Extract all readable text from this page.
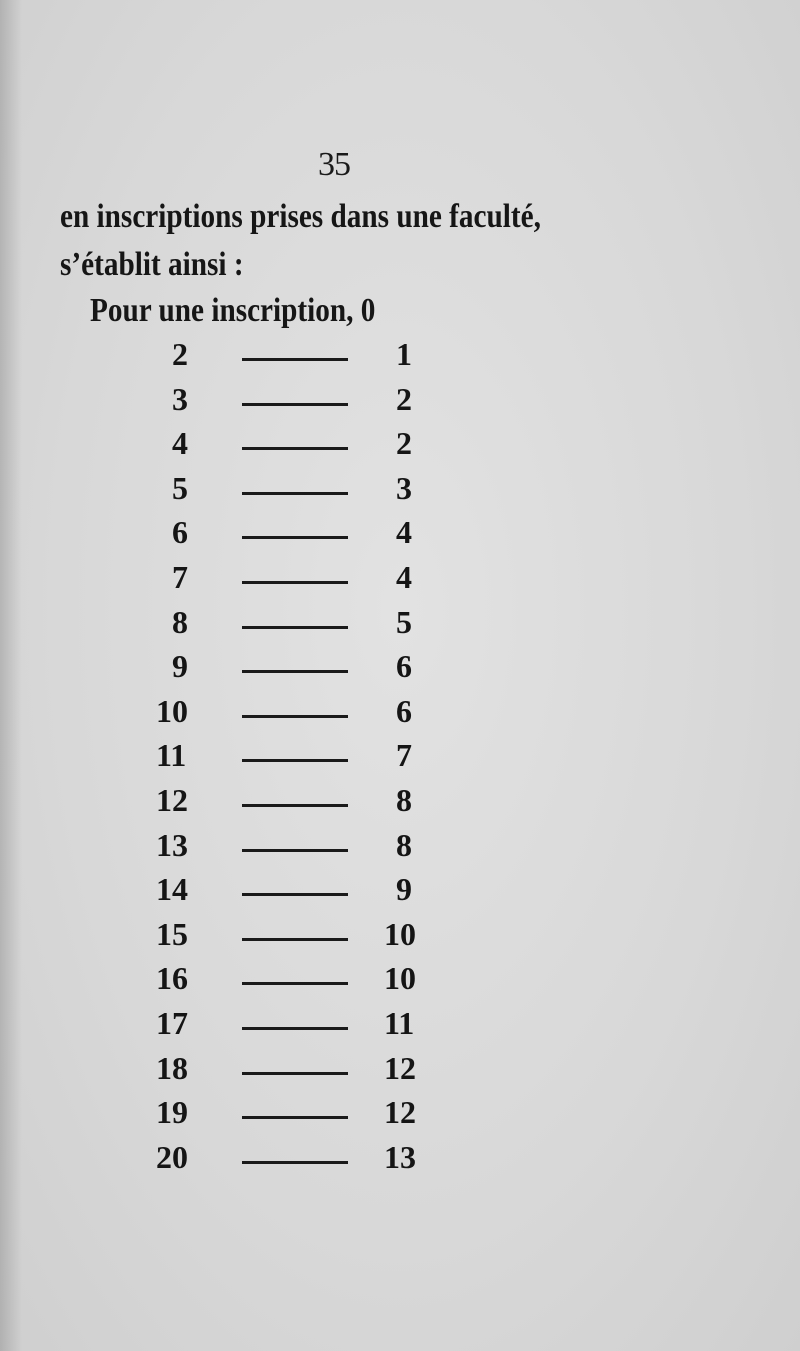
35
en inscriptions prises dans une faculté,
s’établit ainsi :
Pour une inscription, 0
2	1
3	2
4	2
5	3
6	4
7	4
8	5
9	6
10	6
11	7
12	8
13	8
14	9
15	10
16	10
17	11
18	12
19	12
20	13
